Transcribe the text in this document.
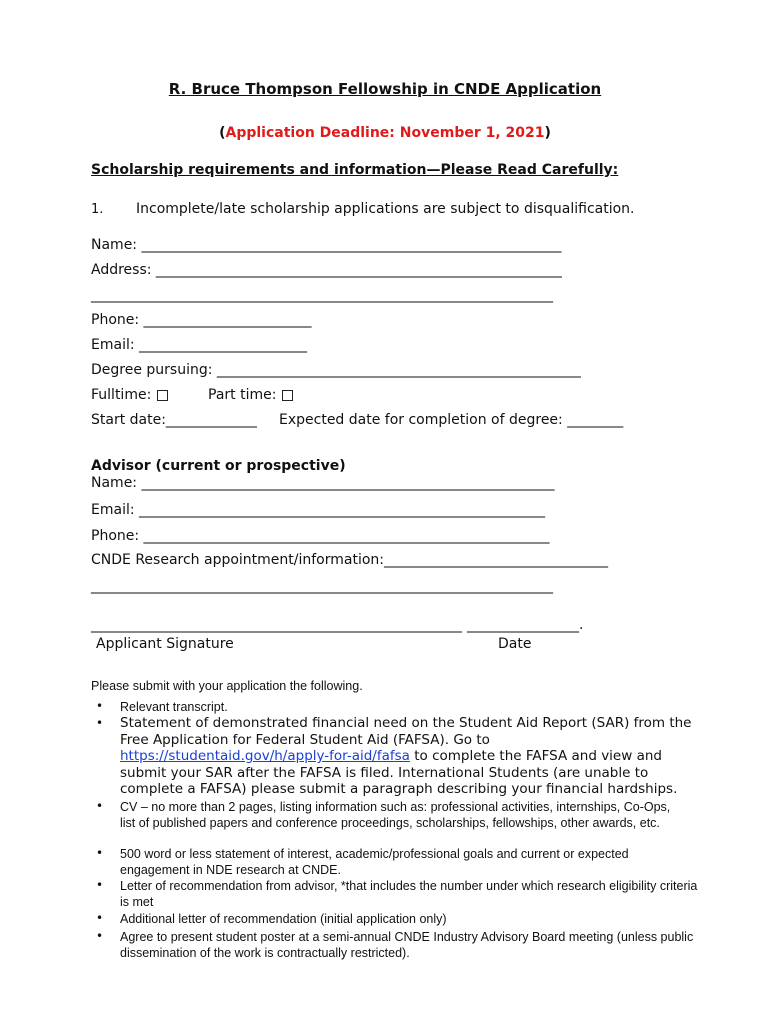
R. Bruce Thompson Fellowship in CNDE Application
(Application Deadline: November 1, 2021)
Scholarship requirements and information—Please Read Carefully:
1. Incomplete/late scholarship applications are subject to disqualification.
Name: ____________________________________________________________
Address: __________________________________________________________
__________________________________________________________________
Phone: ________________________
Email: ________________________
Degree pursuing: ____________________________________________________
Fulltime:	Part time:
Start date:_____________ Expected date for completion of degree: ________
Advisor (current or prospective)
Name: ___________________________________________________________
Email: __________________________________________________________
Phone: __________________________________________________________
CNDE Research appointment/information:________________________________
__________________________________________________________________
_____________________________________________________ ________________.
Applicant Signature	Date
Please submit with your application the following.
• Relevant transcript.
• Statement of demonstrated financial need on the Student Aid Report (SAR) from the Free Application for Federal Student Aid (FAFSA). Go to https://studentaid.gov/h/apply-for-aid/fafsa to complete the FAFSA and view and submit your SAR after the FAFSA is filed. International Students (are unable to complete a FAFSA) please submit a paragraph describing your financial hardships.
• CV – no more than 2 pages, listing information such as: professional activities, internships, Co-Ops, list of published papers and conference proceedings, scholarships, fellowships, other awards, etc.
• 500 word or less statement of interest, academic/professional goals and current or expected engagement in NDE research at CNDE.
• Letter of recommendation from advisor, *that includes the number under which research eligibility criteria is met
• Additional letter of recommendation (initial application only)
• Agree to present student poster at a semi-annual CNDE Industry Advisory Board meeting (unless public dissemination of the work is contractually restricted).
